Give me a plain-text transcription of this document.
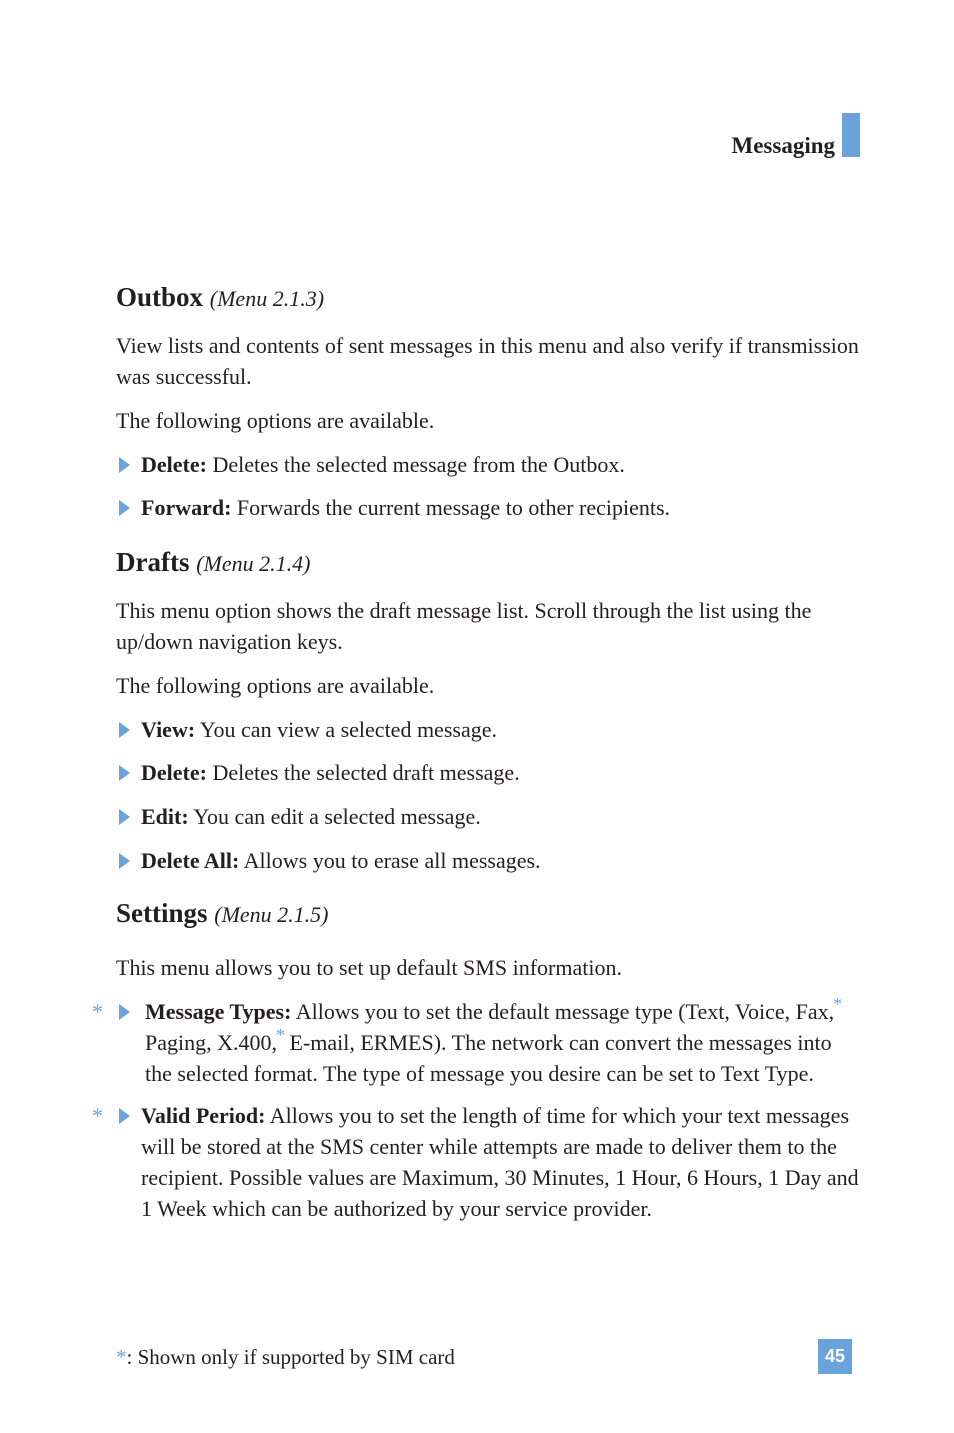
Messaging
Outbox (Menu 2.1.3)

View lists and contents of sent messages in this menu and also verify if transmission was successful.

The following options are available.

Delete: Deletes the selected message from the Outbox.
Forward: Forwards the current message to other recipients.
Drafts (Menu 2.1.4)

This menu option shows the draft message list. Scroll through the list using the up/down navigation keys.

The following options are available.

View: You can view a selected message.
Delete: Deletes the selected draft message.
Edit: You can edit a selected message.
Delete All: Allows you to erase all messages.
Settings (Menu 2.1.5)

This menu allows you to set up default SMS information.

* Message Types: Allows you to set the default message type (Text, Voice, Fax,* Paging, X.400,* E-mail, ERMES). The network can convert the messages into the selected format. The type of message you desire can be set to Text Type.
* Valid Period: Allows you to set the length of time for which your text messages will be stored at the SMS center while attempts are made to deliver them to the recipient. Possible values are Maximum, 30 Minutes, 1 Hour, 6 Hours, 1 Day and 1 Week which can be authorized by your service provider.
*: Shown only if supported by SIM card	45
